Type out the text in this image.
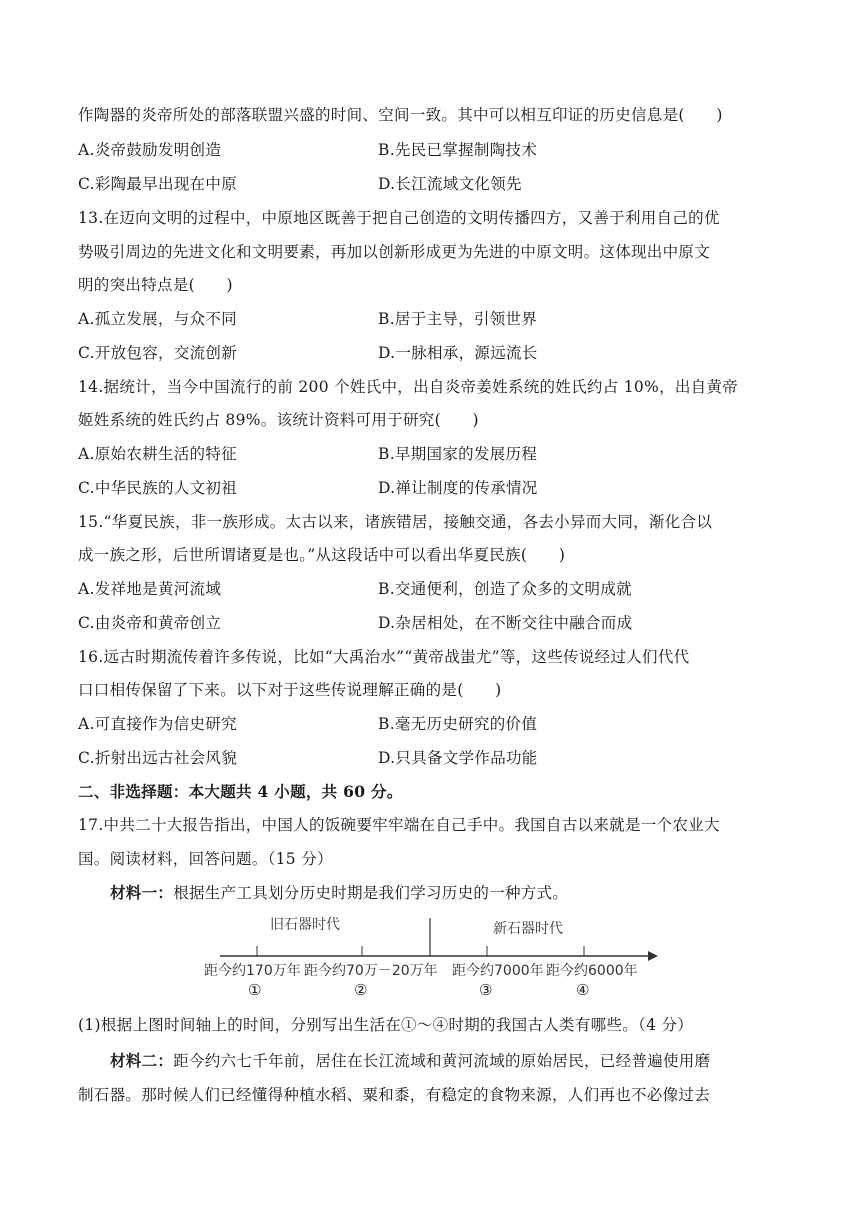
作陶器的炎帝所处的部落联盟兴盛的时间、空间一致。其中可以相互印证的历史信息是(　　)
A.炎帝鼓励发明创造	B.先民已掌握制陶技术
C.彩陶最早出现在中原	D.长江流域文化领先
13.在迈向文明的过程中，中原地区既善于把自己创造的文明传播四方，又善于利用自己的优
势吸引周边的先进文化和文明要素，再加以创新形成更为先进的中原文明。这体现出中原文
明的突出特点是(　　)
A.孤立发展，与众不同	B.居于主导，引领世界
C.开放包容，交流创新	D.一脉相承，源远流长
14.据统计，当今中国流行的前 200 个姓氏中，出自炎帝姜姓系统的姓氏约占 10%，出自黄帝
姬姓系统的姓氏约占 89%。该统计资料可用于研究(　　)
A.原始农耕生活的特征	B.早期国家的发展历程
C.中华民族的人文初祖	D.禅让制度的传承情况
15.“华夏民族，非一族形成。太古以来，诸族错居，接触交通，各去小异而大同，渐化合以
成一族之形，后世所谓诸夏是也。”从这段话中可以看出华夏民族(　　)
A.发祥地是黄河流域	B.交通便利，创造了众多的文明成就
C.由炎帝和黄帝创立	D.杂居相处，在不断交往中融合而成
16.远古时期流传着许多传说，比如“大禹治水”“黄帝战蚩尤”等，这些传说经过人们代代
口口相传保留了下来。以下对于这些传说理解正确的是(　　)
A.可直接作为信史研究	B.毫无历史研究的价值
C.折射出远古社会风貌	D.只具备文学作品功能
二、非选择题：本大题共 4 小题，共 60 分。
17.中共二十大报告指出，中国人的饭碗要牢牢端在自己手中。我国自古以来就是一个农业大
国。阅读材料，回答问题。（15 分）
材料一：根据生产工具划分历史时期是我们学习历史的一种方式。
旧石器时代	新石器时代
距今约170万年 距今约70万－20万年 距今约7000年 距今约6000年
①	②	③	④
(1)根据上图时间轴上的时间，分别写出生活在①～④时期的我国古人类有哪些。（4 分）
材料二：距今约六七千年前，居住在长江流域和黄河流域的原始居民，已经普遍使用磨
制石器。那时候人们已经懂得种植水稻、粟和黍，有稳定的食物来源，人们再也不必像过去
